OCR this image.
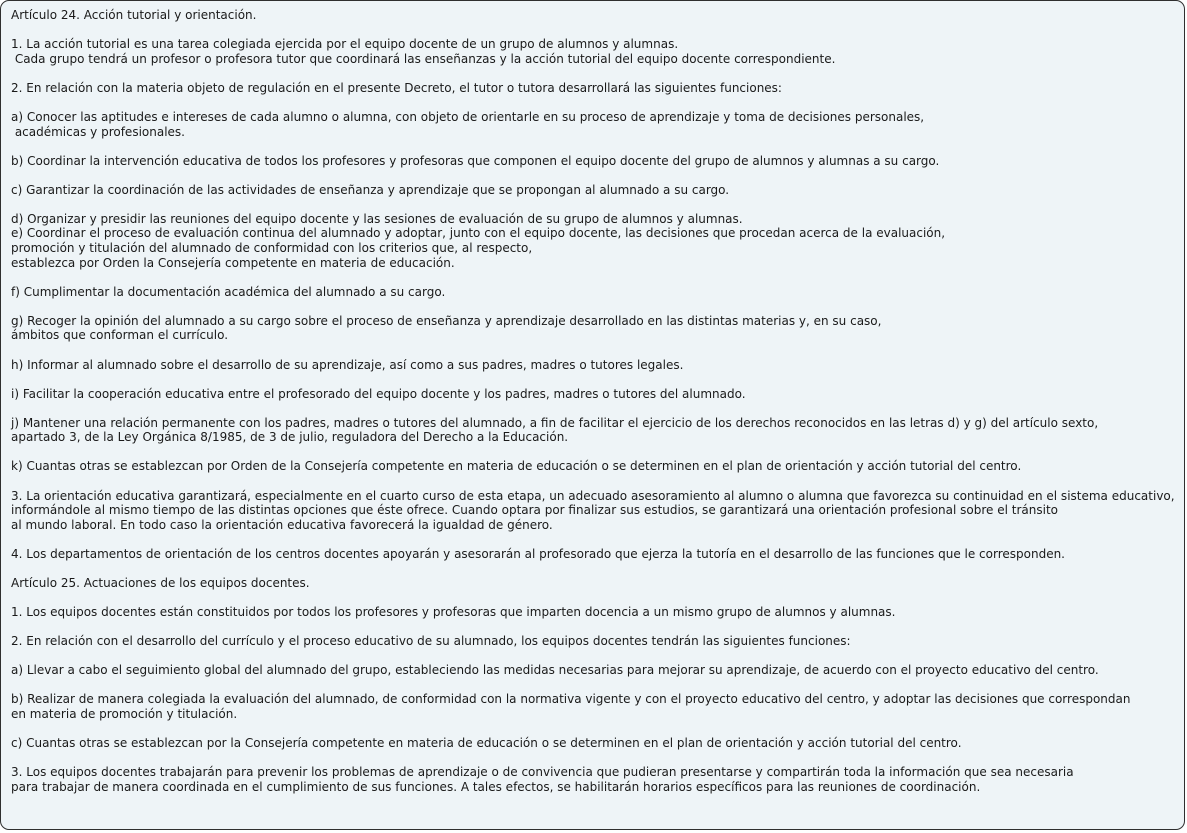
Artículo 24. Acción tutorial y orientación.
1. La acción tutorial es una tarea colegiada ejercida por el equipo docente de un grupo de alumnos y alumnas.
Cada grupo tendrá un profesor o profesora tutor que coordinará las enseñanzas y la acción tutorial del equipo docente correspondiente.
2. En relación con la materia objeto de regulación en el presente Decreto, el tutor o tutora desarrollará las siguientes funciones:
a) Conocer las aptitudes e intereses de cada alumno o alumna, con objeto de orientarle en su proceso de aprendizaje y toma de decisiones personales,
académicas y profesionales.
b) Coordinar la intervención educativa de todos los profesores y profesoras que componen el equipo docente del grupo de alumnos y alumnas a su cargo.
c) Garantizar la coordinación de las actividades de enseñanza y aprendizaje que se propongan al alumnado a su cargo.
d) Organizar y presidir las reuniones del equipo docente y las sesiones de evaluación de su grupo de alumnos y alumnas.
e) Coordinar el proceso de evaluación continua del alumnado y adoptar, junto con el equipo docente, las decisiones que procedan acerca de la evaluación,
promoción y titulación del alumnado de conformidad con los criterios que, al respecto,
establezca por Orden la Consejería competente en materia de educación.
f) Cumplimentar la documentación académica del alumnado a su cargo.
g) Recoger la opinión del alumnado a su cargo sobre el proceso de enseñanza y aprendizaje desarrollado en las distintas materias y, en su caso,
ámbitos que conforman el currículo.
h) Informar al alumnado sobre el desarrollo de su aprendizaje, así como a sus padres, madres o tutores legales.
i) Facilitar la cooperación educativa entre el profesorado del equipo docente y los padres, madres o tutores del alumnado.
j) Mantener una relación permanente con los padres, madres o tutores del alumnado, a fin de facilitar el ejercicio de los derechos reconocidos en las letras d) y g) del artículo sexto,
apartado 3, de la Ley Orgánica 8/1985, de 3 de julio, reguladora del Derecho a la Educación.
k) Cuantas otras se establezcan por Orden de la Consejería competente en materia de educación o se determinen en el plan de orientación y acción tutorial del centro.
3. La orientación educativa garantizará, especialmente en el cuarto curso de esta etapa, un adecuado asesoramiento al alumno o alumna que favorezca su continuidad en el sistema educativo,
informándole al mismo tiempo de las distintas opciones que éste ofrece. Cuando optara por finalizar sus estudios, se garantizará una orientación profesional sobre el tránsito
al mundo laboral. En todo caso la orientación educativa favorecerá la igualdad de género.
4. Los departamentos de orientación de los centros docentes apoyarán y asesorarán al profesorado que ejerza la tutoría en el desarrollo de las funciones que le corresponden.
Artículo 25. Actuaciones de los equipos docentes.
1. Los equipos docentes están constituidos por todos los profesores y profesoras que imparten docencia a un mismo grupo de alumnos y alumnas.
2. En relación con el desarrollo del currículo y el proceso educativo de su alumnado, los equipos docentes tendrán las siguientes funciones:
a) Llevar a cabo el seguimiento global del alumnado del grupo, estableciendo las medidas necesarias para mejorar su aprendizaje, de acuerdo con el proyecto educativo del centro.
b) Realizar de manera colegiada la evaluación del alumnado, de conformidad con la normativa vigente y con el proyecto educativo del centro, y adoptar las decisiones que correspondan
en materia de promoción y titulación.
c) Cuantas otras se establezcan por la Consejería competente en materia de educación o se determinen en el plan de orientación y acción tutorial del centro.
3. Los equipos docentes trabajarán para prevenir los problemas de aprendizaje o de convivencia que pudieran presentarse y compartirán toda la información que sea necesaria
para trabajar de manera coordinada en el cumplimiento de sus funciones. A tales efectos, se habilitarán horarios específicos para las reuniones de coordinación.
